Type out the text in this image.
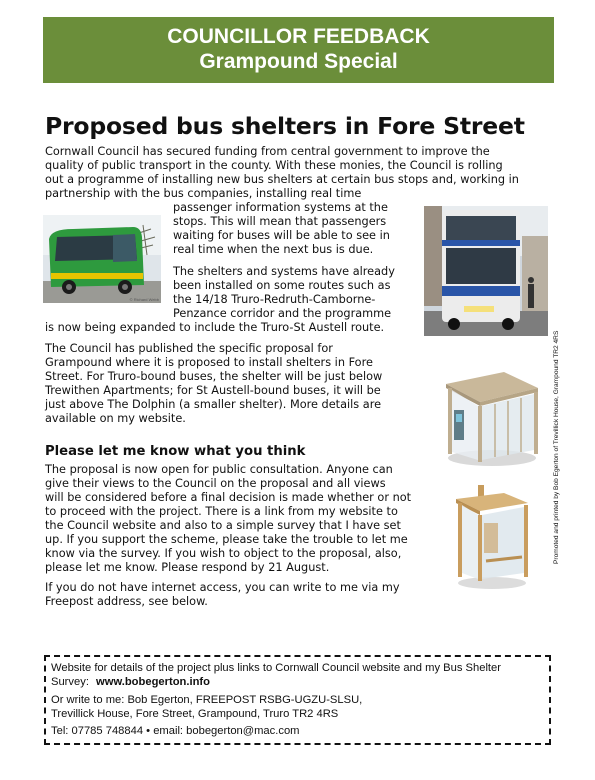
COUNCILLOR FEEDBACK
Grampound Special
Proposed bus shelters in Fore Street
Cornwall Council has secured funding from central government to improve the
quality of public transport in the county. With these monies, the Council is rolling
out a programme of installing new bus shelters at certain bus stops and, working in
partnership with the bus companies, installing real time
passenger information systems at the
stops. This will mean that passengers
waiting for buses will be able to see in
real time when the next bus is due.
The shelters and systems have already
been installed on some routes such as
the 14/18 Truro-Redruth-Camborne-
Penzance corridor and the programme
is now being expanded to include the Truro-St Austell route.
The Council has published the specific proposal for
Grampound where it is proposed to install shelters in Fore
Street. For Truro-bound buses, the shelter will be just below
Trewithen Apartments; for St Austell-bound buses, it will be
just above The Dolphin (a smaller shelter). More details are
available on my website.
Please let me know what you think
The proposal is now open for public consultation. Anyone can
give their views to the Council on the proposal and all views
will be considered before a final decision is made whether or not
to proceed with the project. There is a link from my website to
the Council website and also to a simple survey that I have set
up. If you support the scheme, please take the trouble to let me
know via the survey. If you wish to object to the proposal, also,
please let me know. Please respond by 21 August.
If you do not have internet access, you can write to me via my
Freepost address, see below.
© Richard Webb
Promoted and printed by Bob Egerton of Trevillick House, Grampound TR2 4RS
Website for details of the project plus links to Cornwall Council website and my Bus Shelter
Survey: www.bobegerton.info
Or write to me: Bob Egerton, FREEPOST RSBG-UGZU-SLSU,
Trevillick House, Fore Street, Grampound, Truro TR2 4RS
Tel: 07785 748844 • email: bobegerton@mac.com
